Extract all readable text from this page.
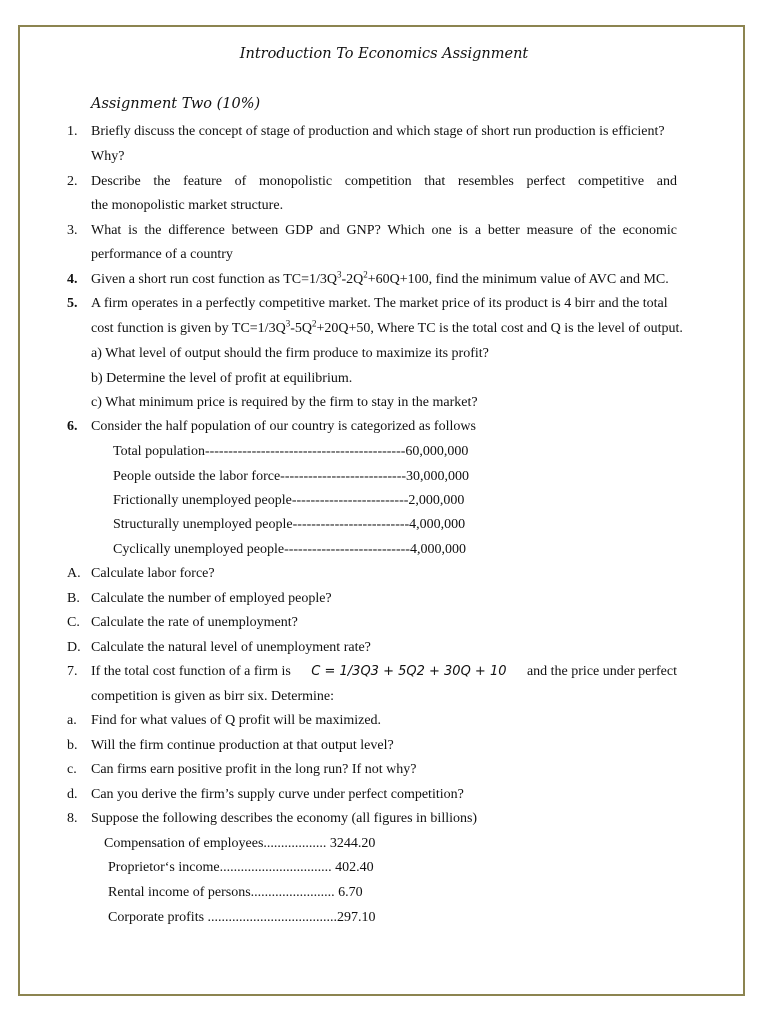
Introduction To Economics Assignment
Assignment Two (10%)
1. Briefly discuss the concept of stage of production and which stage of short run production is efficient?
Why?
2. Describe the feature of monopolistic competition that resembles perfect competitive and
the monopolistic market structure.
3. What is the difference between GDP and GNP? Which one is a better measure of the economic
performance of a country
4. Given a short run cost function as $TC=1/3Q^3-2Q^2+60Q+100$, find the minimum value of AVC and MC.
5. A firm operates in a perfectly competitive market. The market price of its product is 4 birr and the total
cost function is given by $TC=1/3Q^3-5Q^2+20Q+50$, Where TC is the total cost and Q is the level of output.
a) What level of output should the firm produce to maximize its profit?
b) Determine the level of profit at equilibrium.
c) What minimum price is required by the firm to stay in the market?
6. Consider the half population of our country is categorized as follows
Total population-------------------------------------------60,000,000
People outside the labor force---------------------------30,000,000
Frictionally unemployed people-------------------------2,000,000
Structurally unemployed people-------------------------4,000,000
Cyclically unemployed people---------------------------4,000,000
A. Calculate labor force?
B. Calculate the number of employed people?
C. Calculate the rate of unemployment?
D. Calculate the natural level of unemployment rate?
7. If the total cost function of a firm is C = 1/3Q3 + 5Q2 + 30Q + 10 and the price under perfect
competition is given as birr six. Determine:
a. Find for what values of Q profit will be maximized.
b. Will the firm continue production at that output level?
c. Can firms earn positive profit in the long run? If not why?
d. Can you derive the firm’s supply curve under perfect competition?
8. Suppose the following describes the economy (all figures in billions)
Compensation of employees.................. 3244.20
Proprietor‘s income................................ 402.40
Rental income of persons........................ 6.70
Corporate profits .....................................297.10
